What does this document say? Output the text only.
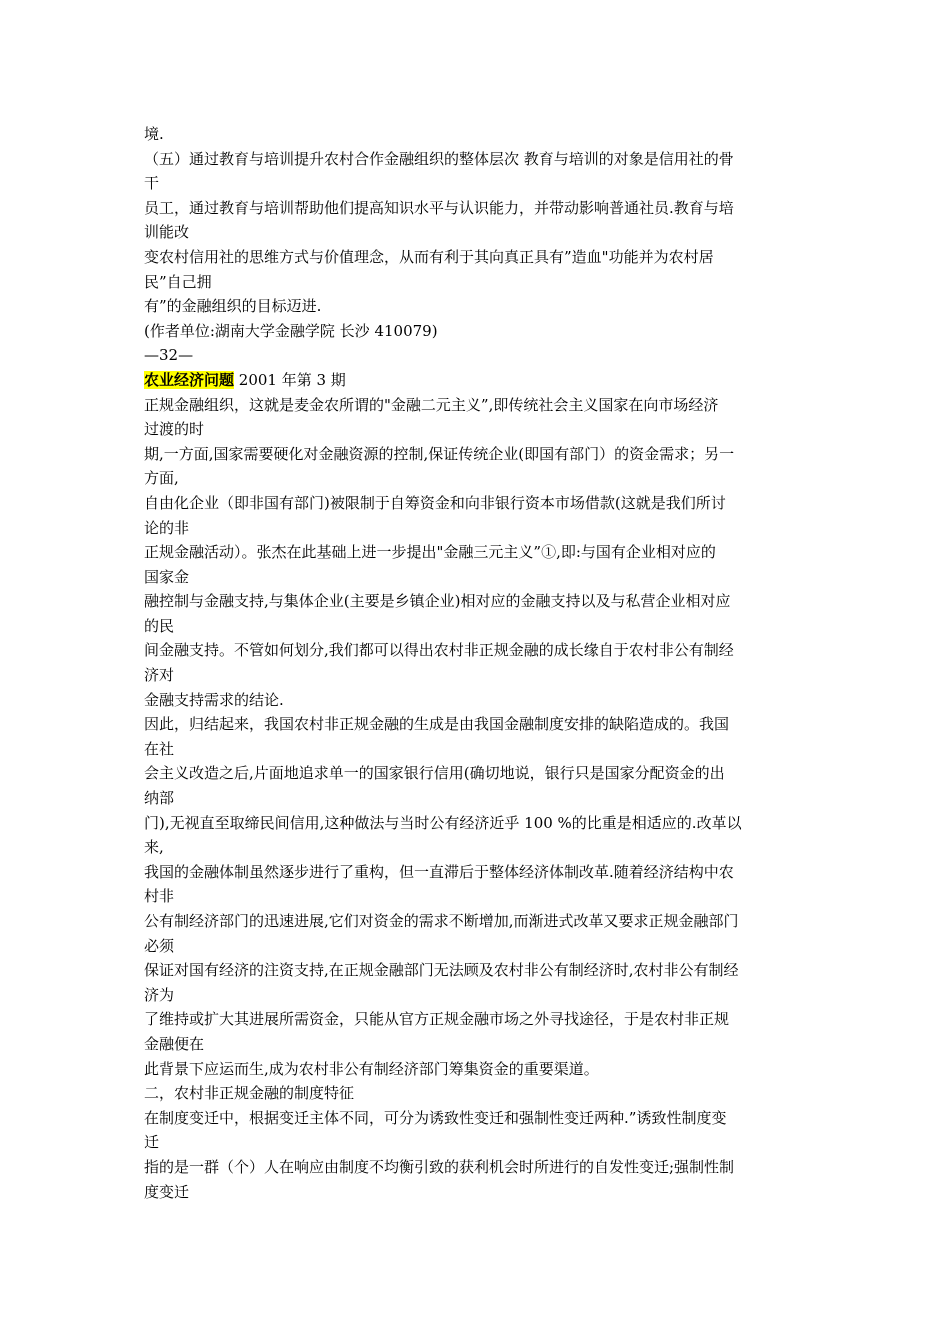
境.
（五）通过教育与培训提升农村合作金融组织的整体层次 教育与培训的对象是信用社的骨
干
员工，通过教育与培训帮助他们提高知识水平与认识能力，并带动影响普通社员.教育与培
训能改
变农村信用社的思维方式与价值理念，从而有利于其向真正具有”造血"功能并为农村居
民”自己拥
有”的金融组织的目标迈进.
(作者单位:湖南大学金融学院 长沙 410079)
—32—
农业经济问题 2001 年第 3 期
正规金融组织，这就是麦金农所谓的"金融二元主义”,即传统社会主义国家在向市场经济
过渡的时
期,一方面,国家需要硬化对金融资源的控制,保证传统企业(即国有部门）的资金需求；另一
方面,
自由化企业（即非国有部门)被限制于自筹资金和向非银行资本市场借款(这就是我们所讨
论的非
正规金融活动）。张杰在此基础上进一步提出"金融三元主义”①,即:与国有企业相对应的
国家金
融控制与金融支持,与集体企业(主要是乡镇企业)相对应的金融支持以及与私营企业相对应
的民
间金融支持。不管如何划分,我们都可以得出农村非正规金融的成长缘自于农村非公有制经
济对
金融支持需求的结论.
因此，归结起来，我国农村非正规金融的生成是由我国金融制度安排的缺陷造成的。我国
在社
会主义改造之后,片面地追求单一的国家银行信用(确切地说，银行只是国家分配资金的出
纳部
门),无视直至取缔民间信用,这种做法与当时公有经济近乎 100 %的比重是相适应的.改革以
来,
我国的金融体制虽然逐步进行了重构，但一直滞后于整体经济体制改革.随着经济结构中农
村非
公有制经济部门的迅速进展,它们对资金的需求不断增加,而渐进式改革又要求正规金融部门
必须
保证对国有经济的注资支持,在正规金融部门无法顾及农村非公有制经济时,农村非公有制经
济为
了维持或扩大其进展所需资金，只能从官方正规金融市场之外寻找途径，于是农村非正规
金融便在
此背景下应运而生,成为农村非公有制经济部门筹集资金的重要渠道。
二，农村非正规金融的制度特征
在制度变迁中，根据变迁主体不同，可分为诱致性变迁和强制性变迁两种.”诱致性制度变
迁
指的是一群（个）人在响应由制度不均衡引致的获利机会时所进行的自发性变迁;强制性制
度变迁
